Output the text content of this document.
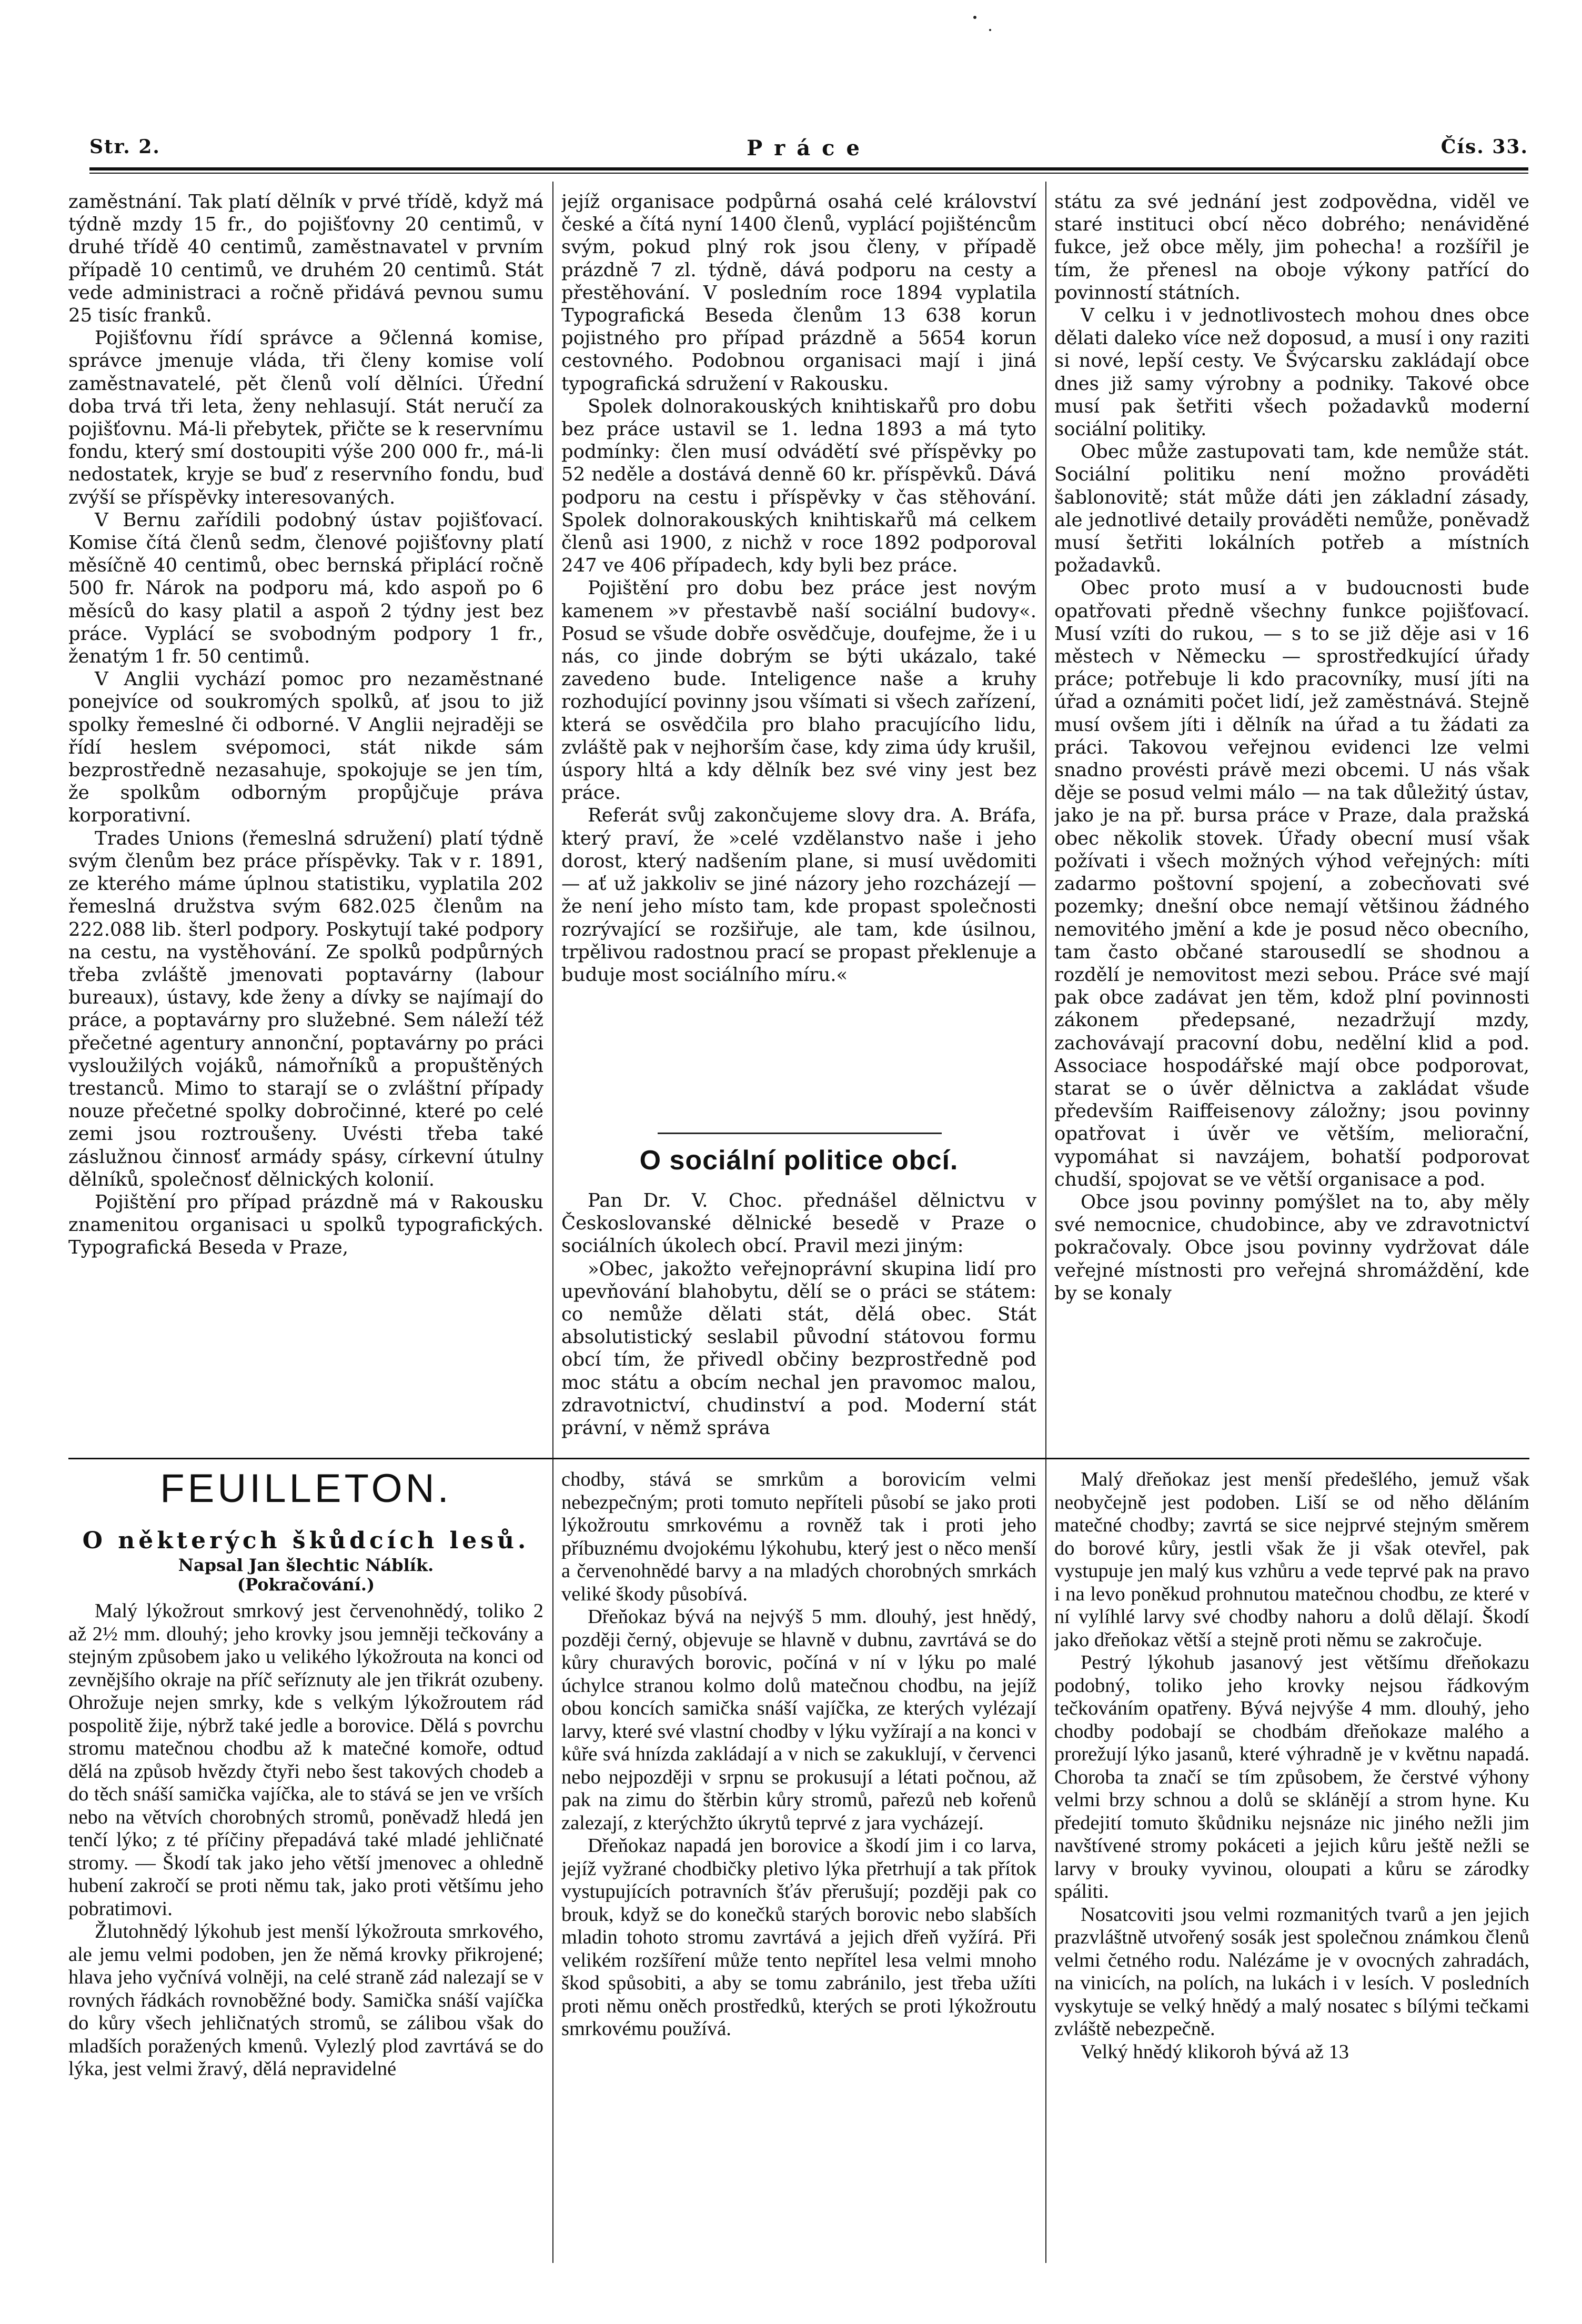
Str. 2.	Práce	Čís. 33.

zaměstnání. Tak platí dělník v prvé třídě, když má týdně mzdy 15 fr., do pojišťovny 20 centimů, v druhé třídě 40 centimů, zaměstnavatel v prvním případě 10 centimů, ve druhém 20 centimů. Stát vede administraci a ročně přidává pevnou sumu 25 tisíc franků.

Pojišťovnu řídí správce a 9členná komise, správce jmenuje vláda, tři členy komise volí zaměstnavatelé, pět členů volí dělníci. Úřední doba trvá tři leta, ženy nehlasují. Stát neručí za pojišťovnu. Má-li přebytek, přičte se k reservnímu fondu, který smí dostoupiti výše 200 000 fr., má-li nedostatek, kryje se buď z reservního fondu, buď zvýší se příspěvky interesovaných.

V Bernu zařídili podobný ústav pojišťovací. Komise čítá členů sedm, členové pojišťovny platí měsíčně 40 centimů, obec bernská připlácí ročně 500 fr. Nárok na podporu má, kdo aspoň po 6 měsíců do kasy platil a aspoň 2 týdny jest bez práce. Vyplácí se svobodným podpory 1 fr., ženatým 1 fr. 50 centimů.

V Anglii vychází pomoc pro nezaměstnané ponejvíce od soukromých spolků, ať jsou to již spolky řemeslné či odborné. V Anglii nejraději se řídí heslem svépomoci, stát nikde sám bezprostředně nezasahuje, spokojuje se jen tím, že spolkům odborným propůjčuje práva korporativní.

Trades Unions (řemeslná sdružení) platí týdně svým členům bez práce příspěvky. Tak v r. 1891, ze kterého máme úplnou statistiku, vyplatila 202 řemeslná družstva svým 682.025 členům na 222.088 lib. šterl podpory. Poskytují také podpory na cestu, na vystěhování. Ze spolků podpůrných třeba zvláště jmenovati poptavárny (labour bureaux), ústavy, kde ženy a dívky se najímají do práce, a poptavárny pro služebné. Sem náleží též přečetné agentury annonční, poptavárny po práci vysloužilých vojáků, námořníků a propuštěných trestanců. Mimo to starají se o zvláštní případy nouze přečetné spolky dobročinné, které po celé zemi jsou roztroušeny. Uvésti třeba také záslužnou činnosť armády spásy, církevní útulny dělníků, společnosť dělnických kolonií.

Pojištění pro případ prázdně má v Rakousku znamenitou organisaci u spolků typografických. Typografická Beseda v Praze,

jejíž organisace podpůrná osahá celé království české a čítá nyní 1400 členů, vyplácí pojišténcům svým, pokud plný rok jsou členy, v případě prázdně 7 zl. týdně, dává podporu na cesty a přestěhování. V posledním roce 1894 vyplatila Typografická Beseda členům 13 638 korun pojistného pro případ prázdně a 5654 korun cestovného. Podobnou organisaci mají i jiná typografická sdružení v Rakousku.

Spolek dolnorakouských knihtiskařů pro dobu bez práce ustavil se 1. ledna 1893 a má tyto podmínky: člen musí odvádětí své příspěvky po 52 neděle a dostává denně 60 kr. příspěvků. Dává podporu na cestu i příspěvky v čas stěhování. Spolek dolnorakouských knihtiskařů má celkem členů asi 1900, z nichž v roce 1892 podporoval 247 ve 406 případech, kdy byli bez práce.

Pojištění pro dobu bez práce jest novým kamenem »v přestavbě naší sociální budovy«. Posud se všude dobře osvědčuje, doufejme, že i u nás, co jinde dobrým se býti ukázalo, také zavedeno bude. Inteligence naše a kruhy rozhodující povinny jsou všímati si všech zařízení, která se osvědčila pro blaho pracujícího lidu, zvláště pak v nejhorším čase, kdy zima údy krušil, úspory hltá a kdy dělník bez své viny jest bez práce.

Referát svůj zakončujeme slovy dra. A. Bráfa, který praví, že »celé vzdělanstvo naše i jeho dorost, který nadšením plane, si musí uvědomiti — ať už jakkoliv se jiné názory jeho rozcházejí — že není jeho místo tam, kde propast společnosti rozrývající se rozšiřuje, ale tam, kde úsilnou, trpělivou radostnou prací se propast překlenuje a buduje most sociálního míru.«

O sociální politice obcí.

Pan Dr. V. Choc. přednášel dělnictvu v Českoslovanské dělnické besedě v Praze o sociálních úkolech obcí. Pravil mezi jiným:

»Obec, jakožto veřejnoprávní skupina lidí pro upevňování blahobytu, dělí se o práci se státem: co nemůže dělati stát, dělá obec. Stát absolutistický seslabil původní státovou formu obcí tím, že přivedl občiny bezprostředně pod moc státu a obcím nechal jen pravomoc malou, zdravotnictví, chudinství a pod. Moderní stát právní, v němž správa

státu za své jednání jest zodpovědna, viděl ve staré instituci obcí něco dobrého; nenáviděné fukce, jež obce měly, jim pohecha! a rozšířil je tím, že přenesl na oboje výkony patřící do povinností státních.

V celku i v jednotlivostech mohou dnes obce dělati daleko více než doposud, a musí i ony raziti si nové, lepší cesty. Ve Švýcarsku zakládají obce dnes již samy výrobny a podniky. Takové obce musí pak šetřiti všech požadavků moderní sociální politiky.

Obec může zastupovati tam, kde nemůže stát. Sociální politiku není možno prováděti šablonovitě; stát může dáti jen základní zásady, ale jednotlivé detaily prováděti nemůže, poněvadž musí šetřiti lokálních potřeb a místních požadavků.

Obec proto musí a v budoucnosti bude opatřovati předně všechny funkce pojišťovací. Musí vzíti do rukou, — s to se již děje asi v 16 městech v Německu — sprostředkující úřady práce; potřebuje li kdo pracovníky, musí jíti na úřad a oznámiti počet lidí, jež zaměstnává. Stejně musí ovšem jíti i dělník na úřad a tu žádati za práci. Takovou veřejnou evidenci lze velmi snadno provésti právě mezi obcemi. U nás však děje se posud velmi málo — na tak důležitý ústav, jako je na př. bursa práce v Praze, dala pražská obec několik stovek. Úřady obecní musí však požívati i všech možných výhod veřejných: míti zadarmo poštovní spojení, a zobecňovati své pozemky; dnešní obce nemají většinou žádného nemovitého jmění a kde je posud něco obecního, tam často občané starousedlí se shodnou a rozdělí je nemovitost mezi sebou. Práce své mají pak obce zadávat jen těm, kdož plní povinnosti zákonem předepsané, nezadržují mzdy, zachovávají pracovní dobu, nedělní klid a pod. Associace hospodářské mají obce podporovat, starat se o úvěr dělnictva a zakládat všude především Raiffeisenovy záložny; jsou povinny opatřovat i úvěr ve větším, meliorační, vypomáhat si navzájem, bohatší podporovat chudší, spojovat se ve větší organisace a pod.

Obce jsou povinny pomýšlet na to, aby měly své nemocnice, chudobince, aby ve zdravotnictví pokračovaly. Obce jsou povinny vydržovat dále veřejné místnosti pro veřejná shromáždění, kde by se konaly

FEUILLETON.
O některých škůdcích lesů.
Napsal Jan šlechtic Náblík.
(Pokračování.)

Malý lýkožrout smrkový jest červenohnědý, toliko 2 až 2½ mm. dlouhý; jeho krovky jsou jemněji tečkovány a stejným způsobem jako u velikého lýkožrouta na konci od zevnějšího okraje na příč seříznuty ale jen třikrát ozubeny. Ohrožuje nejen smrky, kde s velkým lýkožroutem rád pospolitě žije, nýbrž také jedle a borovice. Dělá s povrchu stromu matečnou chodbu až k matečné komoře, odtud dělá na způsob hvězdy čtyři nebo šest takových chodeb a do těch snáší samička vajíčka, ale to stává se jen ve vrších nebo na větvích chorobných stromů, poněvadž hledá jen tenčí lýko; z té příčiny přepadává také mladé jehličnaté stromy. — Škodí tak jako jeho větší jmenovec a ohledně hubení zakročí se proti němu tak, jako proti většímu jeho pobratimovi.

Žlutohnědý lýkohub jest menší lýkožrouta smrkového, ale jemu velmi podoben, jen že němá krovky přikrojené; hlava jeho vyčnívá volněji, na celé straně zád nalezají se v rovných řádkách rovnoběžné body. Samička snáší vajíčka do kůry všech jehličnatých stromů, se zálibou však do mladších poražených kmenů. Vylezlý plod zavrtává se do lýka, jest velmi žravý, dělá nepravidelné

chodby, stává se smrkům a borovicím velmi nebezpečným; proti tomuto nepříteli působí se jako proti lýkožroutu smrkovému a rovněž tak i proti jeho příbuznému dvojokému lýkohubu, který jest o něco menší a červenohnědé barvy a na mladých chorobných smrkách veliké škody působívá.

Dřeňokaz bývá na nejvýš 5 mm. dlouhý, jest hnědý, později černý, objevuje se hlavně v dubnu, zavrtává se do kůry churavých borovic, počíná v ní v lýku po malé úchylce stranou kolmo dolů matečnou chodbu, na jejíž obou koncích samička snáší vajíčka, ze kterých vylézají larvy, které své vlastní chodby v lýku vyžírají a na konci v kůře svá hnízda zakládají a v nich se zakuklují, v červenci nebo nejpozději v srpnu se prokusují a létati počnou, až pak na zimu do štěrbin kůry stromů, pařezů neb kořenů zalezají, z kterýchžto úkrytů teprvé z jara vycházejí.

Dřeňokaz napadá jen borovice a škodí jim i co larva, jejíž vyžrané chodbičky pletivo lýka přetrhují a tak přítok vystupujících potravních šťáv přerušují; později pak co brouk, když se do konečků starých borovic nebo slabších mladin tohoto stromu zavrtává a jejich dřeň vyžírá. Při velikém rozšíření může tento nepřítel lesa velmi mnoho škod spůsobiti, a aby se tomu zabránilo, jest třeba užíti proti němu oněch prostředků, kterých se proti lýkožroutu smrkovému používá.

Malý dřeňokaz jest menší předešlého, jemuž však neobyčejně jest podoben. Liší se od něho děláním matečné chodby; zavrtá se sice nejprvé stejným směrem do borové kůry, jestli však že ji však otevřel, pak vystupuje jen malý kus vzhůru a vede teprvé pak na pravo i na levo poněkud prohnutou matečnou chodbu, ze které v ní vylíhlé larvy své chodby nahoru a dolů dělají. Škodí jako dřeňokaz větší a stejně proti němu se zakročuje.

Pestrý lýkohub jasanový jest většímu dřeňokazu podobný, toliko jeho krovky nejsou řádkovým tečkováním opatřeny. Bývá nejvýše 4 mm. dlouhý, jeho chodby podobají se chodbám dřeňokaze malého a prorežují lýko jasanů, které výhradně je v květnu napadá. Choroba ta značí se tím způsobem, že čerstvé výhony velmi brzy schnou a dolů se sklánějí a strom hyne. Ku předejití tomuto škůdniku nejsnáze nic jiného nežli jim navštívené stromy pokáceti a jejich kůru ještě nežli se larvy v brouky vyvinou, oloupati a kůru se zárodky spáliti.

Nosatcoviti jsou velmi rozmanitých tvarů a jen jejich prazvláštně utvořený sosák jest společnou známkou členů velmi četného rodu. Nalézáme je v ovocných zahradách, na vinicích, na polích, na lukách i v lesích. V posledních vyskytuje se velký hnědý a malý nosatec s bílými tečkami zvláště nebezpečně.

Velký hnědý klikoroh bývá až 13
